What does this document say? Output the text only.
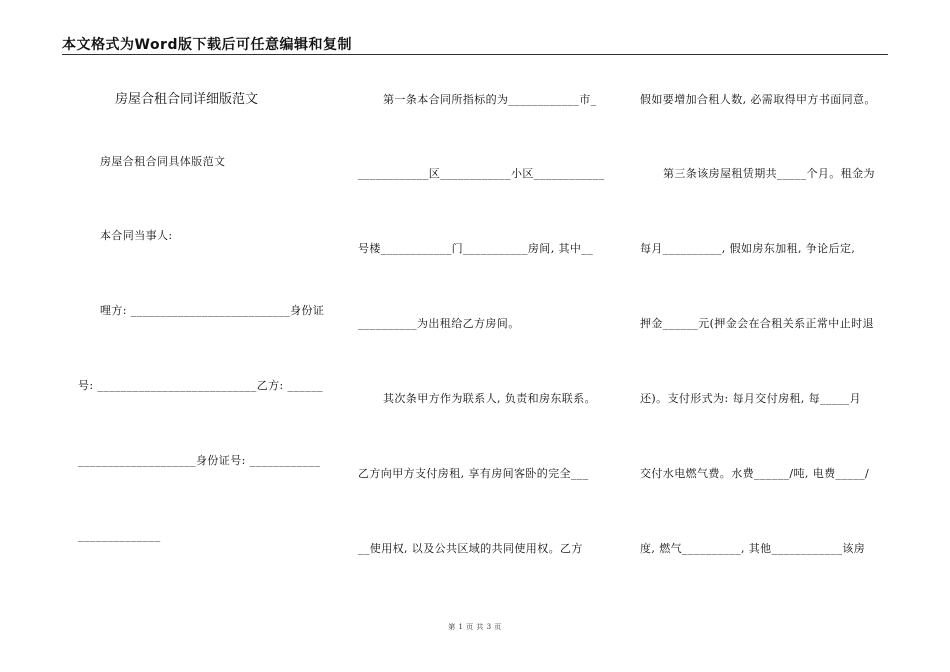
本文格式为Word版下载后可任意编辑和复制
房屋合租合同详细版范文
房屋合租合同具体版范文
本合同当事人:
哩方: ___________________________身份证
号: ___________________________乙方: ______
____________________身份证号: ____________
______________
第一条本合同所指标的为____________市_
____________区____________小区____________
号楼____________门___________房间, 其中__
__________为出租给乙方房间。
其次条甲方作为联系人, 负责和房东联系。
乙方向甲方支付房租, 享有房间客卧的完全___
__使用权, 以及公共区域的共同使用权。乙方
假如要增加合租人数, 必需取得甲方书面同意。
第三条该房屋租赁期共_____个月。租金为
每月__________, 假如房东加租, 争论后定,
押金______元(押金会在合租关系正常中止时退
还)。支付形式为: 每月交付房租, 每_____月
交付水电燃气费。水费______/吨, 电费_____/
度, 燃气__________, 其他____________该房
第 1 页 共 3 页
